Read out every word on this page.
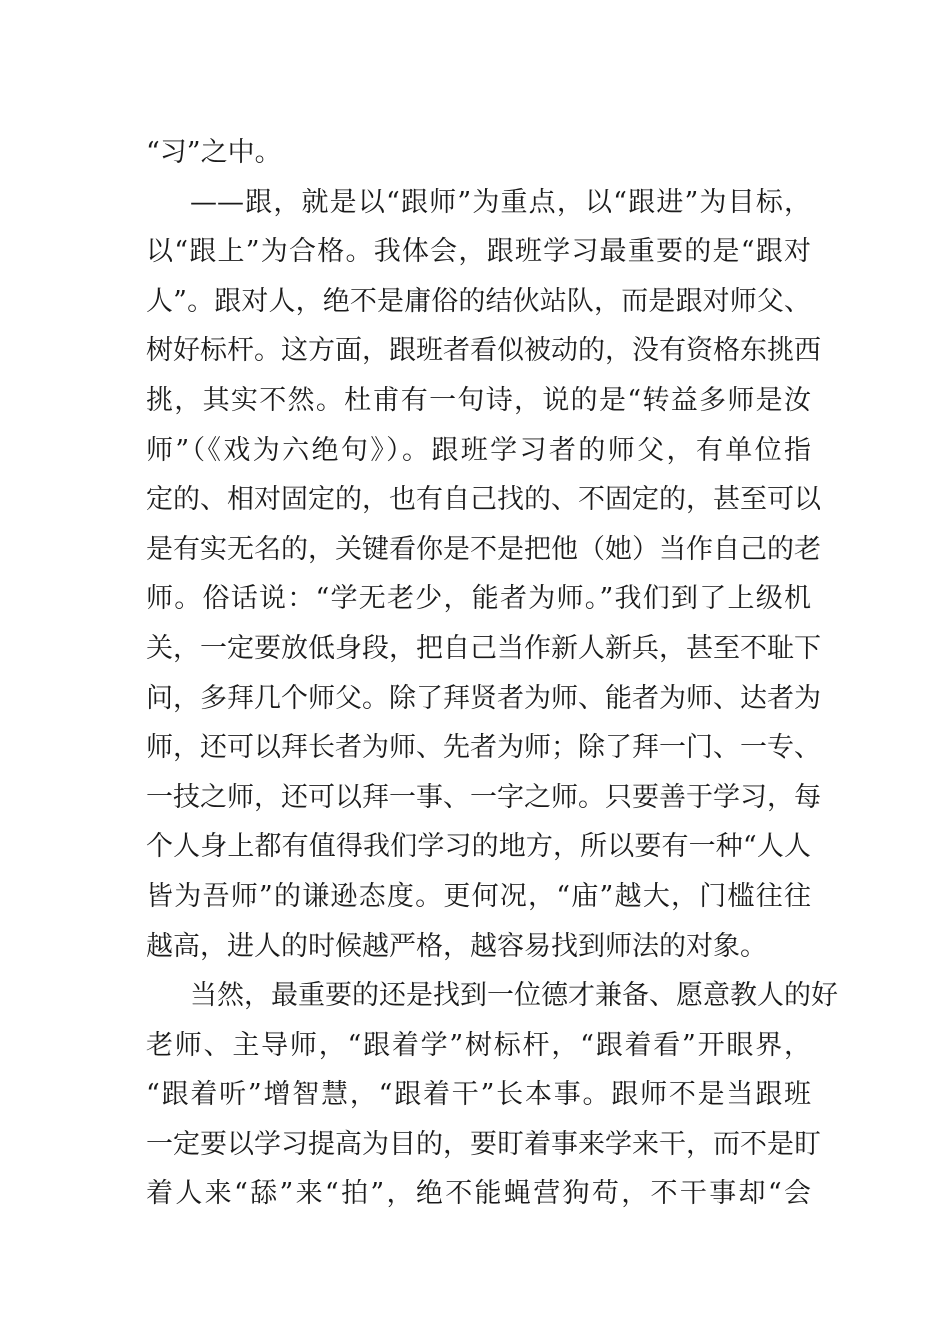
“习”之中。
——跟，就是以“跟师”为重点，以“跟进”为目标，
以“跟上”为合格。我体会，跟班学习最重要的是“跟对
人”。跟对人，绝不是庸俗的结伙站队，而是跟对师父、
树好标杆。这方面，跟班者看似被动的，没有资格东挑西
挑，其实不然。杜甫有一句诗，说的是“转益多师是汝
师”（《戏为六绝句》）。跟班学习者的师父，有单位指
定的、相对固定的，也有自己找的、不固定的，甚至可以
是有实无名的，关键看你是不是把他（她）当作自己的老
师。俗话说：“学无老少，能者为师。”我们到了上级机
关，一定要放低身段，把自己当作新人新兵，甚至不耻下
问，多拜几个师父。除了拜贤者为师、能者为师、达者为
师，还可以拜长者为师、先者为师；除了拜一门、一专、
一技之师，还可以拜一事、一字之师。只要善于学习，每
个人身上都有值得我们学习的地方，所以要有一种“人人
皆为吾师”的谦逊态度。更何况，“庙”越大，门槛往往
越高，进人的时候越严格，越容易找到师法的对象。
当然，最重要的还是找到一位德才兼备、愿意教人的好
老师、主导师，“跟着学”树标杆，“跟着看”开眼界，
“跟着听”增智慧，“跟着干”长本事。跟师不是当跟班
一定要以学习提高为目的，要盯着事来学来干，而不是盯
着人来“舔”来“拍”，绝不能蝇营狗苟，不干事却“会
